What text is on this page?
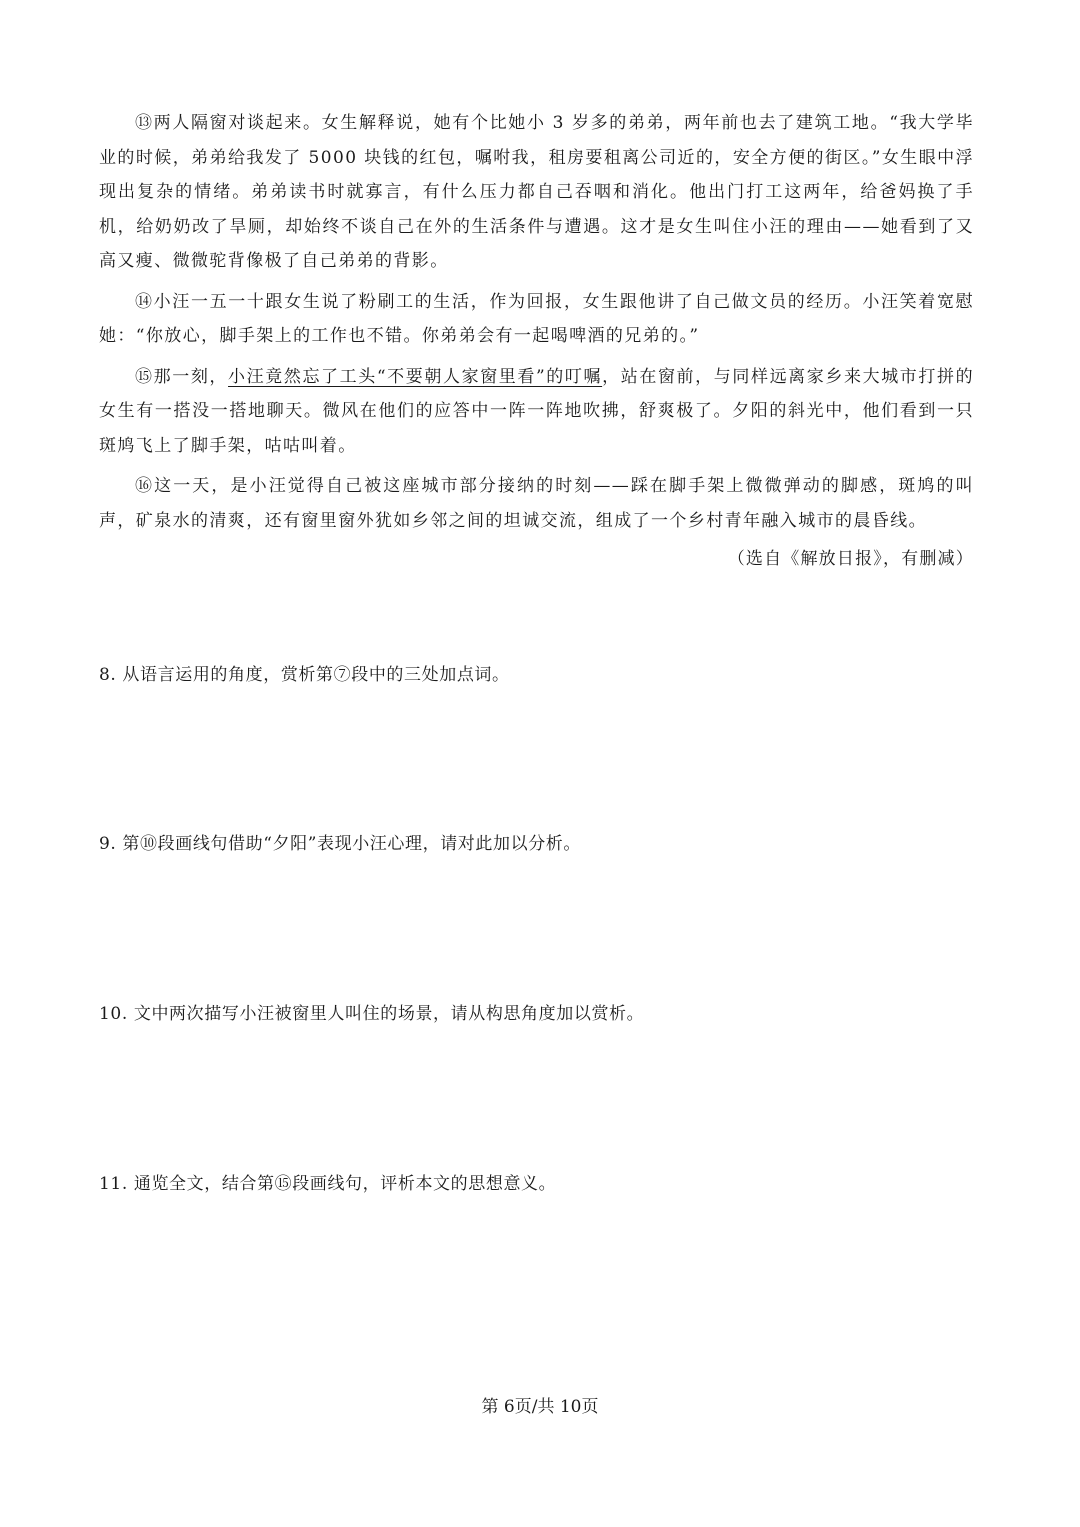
⑬两人隔窗对谈起来。女生解释说，她有个比她小 3 岁多的弟弟，两年前也去了建筑工地。“我大学毕业的时候，弟弟给我发了 5000 块钱的红包，嘱咐我，租房要租离公司近的，安全方便的街区。”女生眼中浮现出复杂的情绪。弟弟读书时就寡言，有什么压力都自己吞咽和消化。他出门打工这两年，给爸妈换了手机，给奶奶改了旱厕，却始终不谈自己在外的生活条件与遭遇。这才是女生叫住小汪的理由——她看到了又高又瘦、微微驼背像极了自己弟弟的背影。

⑭小汪一五一十跟女生说了粉刷工的生活，作为回报，女生跟他讲了自己做文员的经历。小汪笑着宽慰她：“你放心，脚手架上的工作也不错。你弟弟会有一起喝啤酒的兄弟的。”

⑮那一刻，小汪竟然忘了工头“不要朝人家窗里看”的叮嘱，站在窗前，与同样远离家乡来大城市打拼的女生有一搭没一搭地聊天。微风在他们的应答中一阵一阵地吹拂，舒爽极了。夕阳的斜光中，他们看到一只斑鸠飞上了脚手架，咕咕叫着。

⑯这一天，是小汪觉得自己被这座城市部分接纳的时刻——踩在脚手架上微微弹动的脚感，斑鸠的叫声，矿泉水的清爽，还有窗里窗外犹如乡邻之间的坦诚交流，组成了一个乡村青年融入城市的晨昏线。

（选自《解放日报》，有删减）
8. 从语言运用的角度，赏析第⑦段中的三处加点词。
9. 第⑩段画线句借助“夕阳”表现小汪心理，请对此加以分析。
10. 文中两次描写小汪被窗里人叫住的场景，请从构思角度加以赏析。
11. 通览全文，结合第⑮段画线句，评析本文的思想意义。
第 6页/共 10页
